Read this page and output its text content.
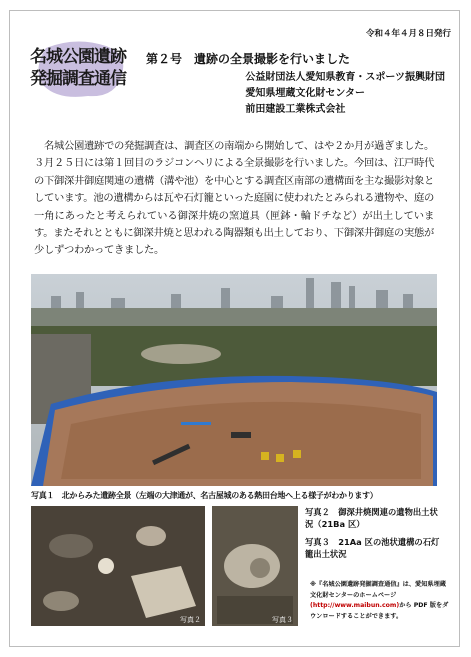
令和４年４月８日発行
名城公園遺跡
発掘調査通信
第２号 遺跡の全景撮影を行いました
公益財団法人愛知県教育・スポーツ振興財団
愛知県埋蔵文化財センター
前田建設工業株式会社

名城公園遺跡での発掘調査は、調査区の南端から開始して、はや２か月が過ぎました。３月２５日には第１回目のラジコンヘリによる全景撮影を行いました。今回は、江戸時代の下御深井御庭関連の遺構（溝や池）を中心とする調査区南部の遺構面を主な撮影対象としています。池の遺構からは瓦や石灯籠といった庭園に使われたとみられる遺物や、庭の一角にあったと考えられている御深井焼の窯道具（匣鉢・輪ドチなど）が出土しています。またそれとともに御深井焼と思われる陶器類も出土しており、下御深井御庭の実態が少しずつわかってきました。

写真１　北からみた遺跡全景（左端の大津通が、名古屋城のある熱田台地へ上る様子がわかります）
写真２	写真３
写真２　御深井焼関連の遺物出土状況（21Ba 区）
写真３　21Aa 区の池状遺構の石灯籠出土状況
※『名城公園遺跡発掘調査通信』は、愛知県埋蔵文化財センターのホームページ(http://www.maibun.com)から PDF 版をダウンロードすることができます。
